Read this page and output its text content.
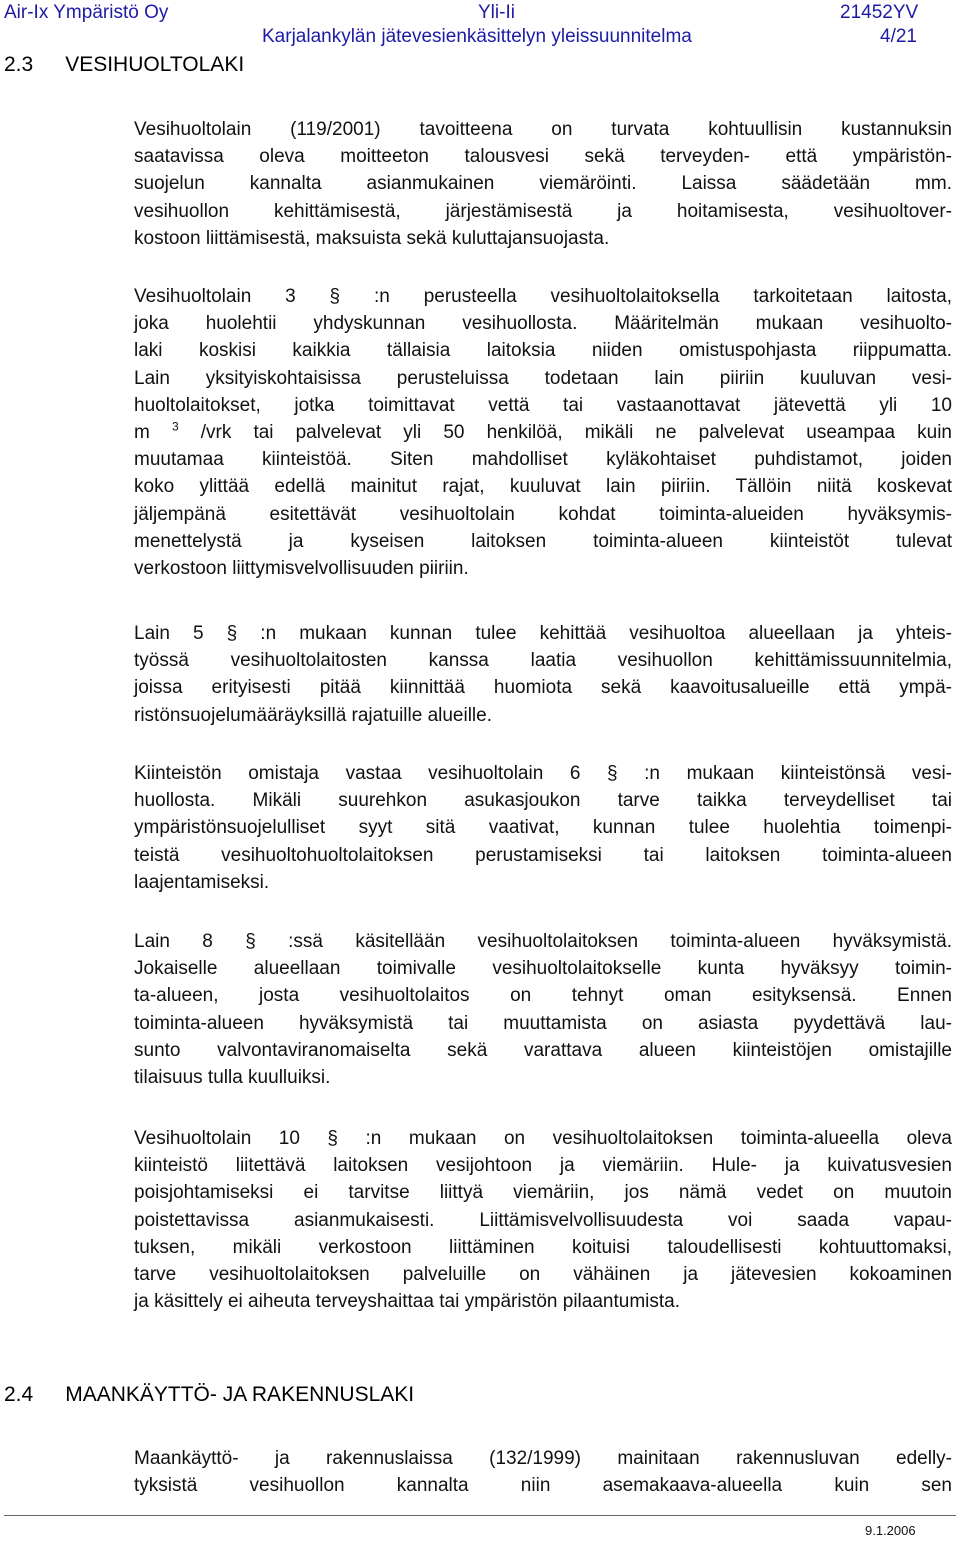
Air-Ix Ympäristö Oy	Yli-Ii	21452YV
Karjalankylän jätevesienkäsittelyn yleissuunnitelma	4/21
2.3 VESIHUOLTOLAKI
Vesihuoltolain (119/2001) tavoitteena on turvata kohtuullisin kustannuksin
saatavissa oleva moitteeton talousvesi sekä terveyden- että ympäristön-
suojelun kannalta asianmukainen viemäröinti. Laissa säädetään mm.
vesihuollon kehittämisestä, järjestämisestä ja hoitamisesta, vesihuoltover-
kostoon liittämisestä, maksuista sekä kuluttajansuojasta.
Vesihuoltolain 3 § :n perusteella vesihuoltolaitoksella tarkoitetaan laitosta,
joka huolehtii yhdyskunnan vesihuollosta. Määritelmän mukaan vesihuolto-
laki koskisi kaikkia tällaisia laitoksia niiden omistuspohjasta riippumatta.
Lain yksityiskohtaisissa perusteluissa todetaan lain piiriin kuuluvan vesi-
huoltolaitokset, jotka toimittavat vettä tai vastaanottavat jätevettä yli 10
m $^3$ /vrk tai palvelevat yli 50 henkilöä, mikäli ne palvelevat useampaa kuin
muutamaa kiinteistöä. Siten mahdolliset kyläkohtaiset puhdistamot, joiden
koko ylittää edellä mainitut rajat, kuuluvat lain piiriin. Tällöin niitä koskevat
jäljempänä esitettävät vesihuoltolain kohdat toiminta-alueiden hyväksymis-
menettelystä ja kyseisen laitoksen toiminta-alueen kiinteistöt tulevat
verkostoon liittymisvelvollisuuden piiriin.
Lain 5 § :n mukaan kunnan tulee kehittää vesihuoltoa alueellaan ja yhteis-
työssä vesihuoltolaitosten kanssa laatia vesihuollon kehittämissuunnitelmia,
joissa erityisesti pitää kiinnittää huomiota sekä kaavoitusalueille että ympä-
ristönsuojelumääräyksillä rajatuille alueille.
Kiinteistön omistaja vastaa vesihuoltolain 6 § :n mukaan kiinteistönsä vesi-
huollosta. Mikäli suurehkon asukasjoukon tarve taikka terveydelliset tai
ympäristönsuojelulliset syyt sitä vaativat, kunnan tulee huolehtia toimenpi-
teistä vesihuoltohuoltolaitoksen perustamiseksi tai laitoksen toiminta-alueen
laajentamiseksi.
Lain 8 § :ssä käsitellään vesihuoltolaitoksen toiminta-alueen hyväksymistä.
Jokaiselle alueellaan toimivalle vesihuoltolaitokselle kunta hyväksyy toimin-
ta-alueen, josta vesihuoltolaitos on tehnyt oman esityksensä. Ennen
toiminta-alueen hyväksymistä tai muuttamista on asiasta pyydettävä lau-
sunto valvontaviranomaiselta sekä varattava alueen kiinteistöjen omistajille
tilaisuus tulla kuulluiksi.
Vesihuoltolain 10 § :n mukaan on vesihuoltolaitoksen toiminta-alueella oleva
kiinteistö liitettävä laitoksen vesijohtoon ja viemäriin. Hule- ja kuivatusvesien
poisjohtamiseksi ei tarvitse liittyä viemäriin, jos nämä vedet on muutoin
poistettavissa asianmukaisesti. Liittämisvelvollisuudesta voi saada vapau-
tuksen, mikäli verkostoon liittäminen koituisi taloudellisesti kohtuuttomaksi,
tarve vesihuoltolaitoksen palveluille on vähäinen ja jätevesien kokoaminen
ja käsittely ei aiheuta terveyshaittaa tai ympäristön pilaantumista.
2.4 MAANKÄYTTÖ- JA RAKENNUSLAKI
Maankäyttö- ja rakennuslaissa (132/1999) mainitaan rakennusluvan edelly-
tyksistä vesihuollon kannalta niin asemakaava-alueella kuin sen
9.1.2006
